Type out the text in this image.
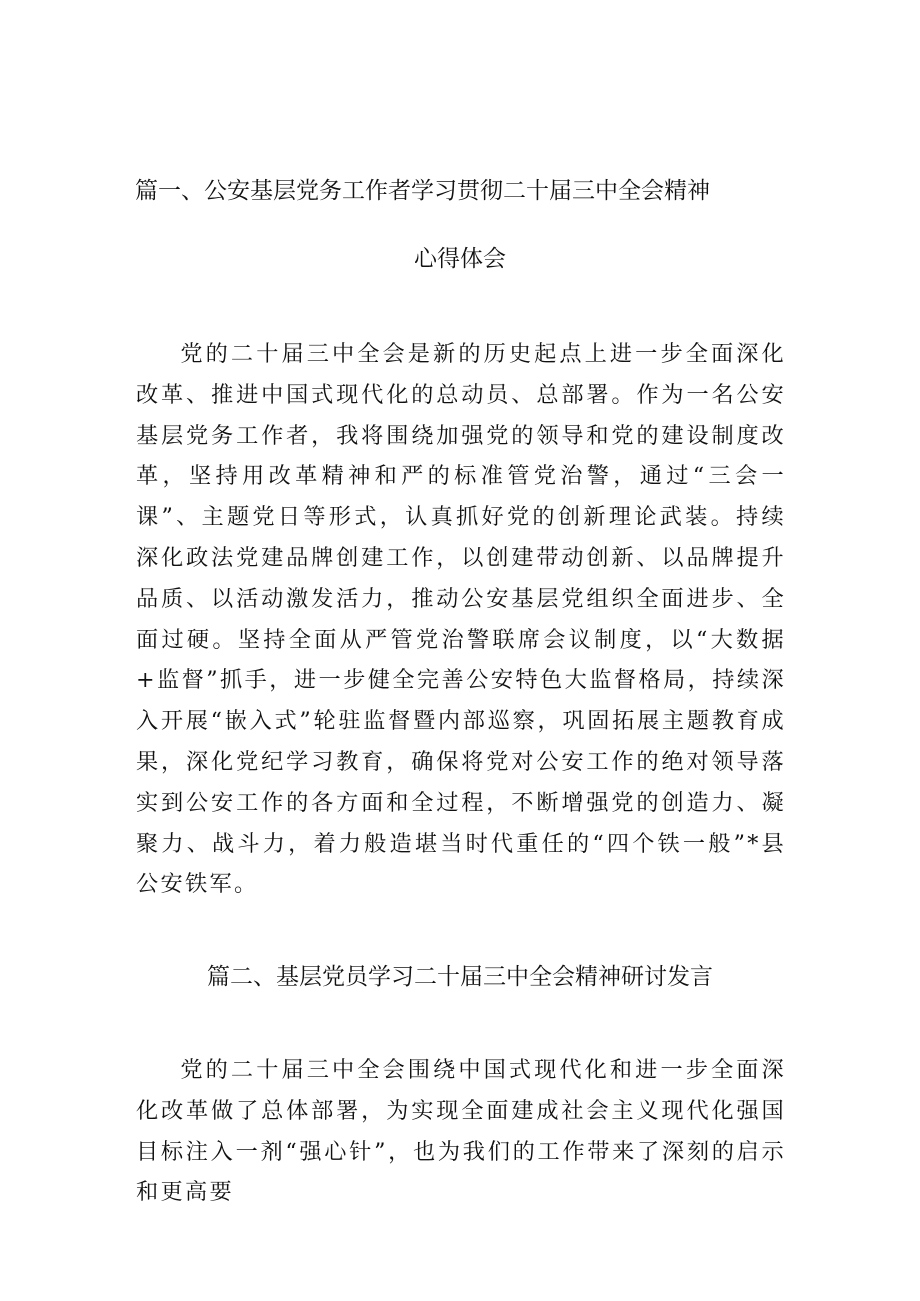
篇一、公安基层党务工作者学习贯彻二十届三中全会精神
心得体会

党的二十届三中全会是新的历史起点上进一步全面深化改革、推进中国式现代化的总动员、总部署。作为一名公安基层党务工作者，我将围绕加强党的领导和党的建设制度改革，坚持用改革精神和严的标准管党治警，通过“三会一课”、主题党日等形式，认真抓好党的创新理论武装。持续深化政法党建品牌创建工作，以创建带动创新、以品牌提升品质、以活动激发活力，推动公安基层党组织全面进步、全面过硬。坚持全面从严管党治警联席会议制度，以“大数据+监督”抓手，进一步健全完善公安特色大监督格局，持续深入开展“嵌入式”轮驻监督暨内部巡察，巩固拓展主题教育成果，深化党纪学习教育，确保将党对公安工作的绝对领导落实到公安工作的各方面和全过程，不断增强党的创造力、凝聚力、战斗力，着力般造堪当时代重任的“四个铁一般”*县公安铁军。

篇二、基层党员学习二十届三中全会精神研讨发言

党的二十届三中全会围绕中国式现代化和进一步全面深化改革做了总体部署，为实现全面建成社会主义现代化强国目标注入一剂“强心针”，也为我们的工作带来了深刻的启示和更高要
